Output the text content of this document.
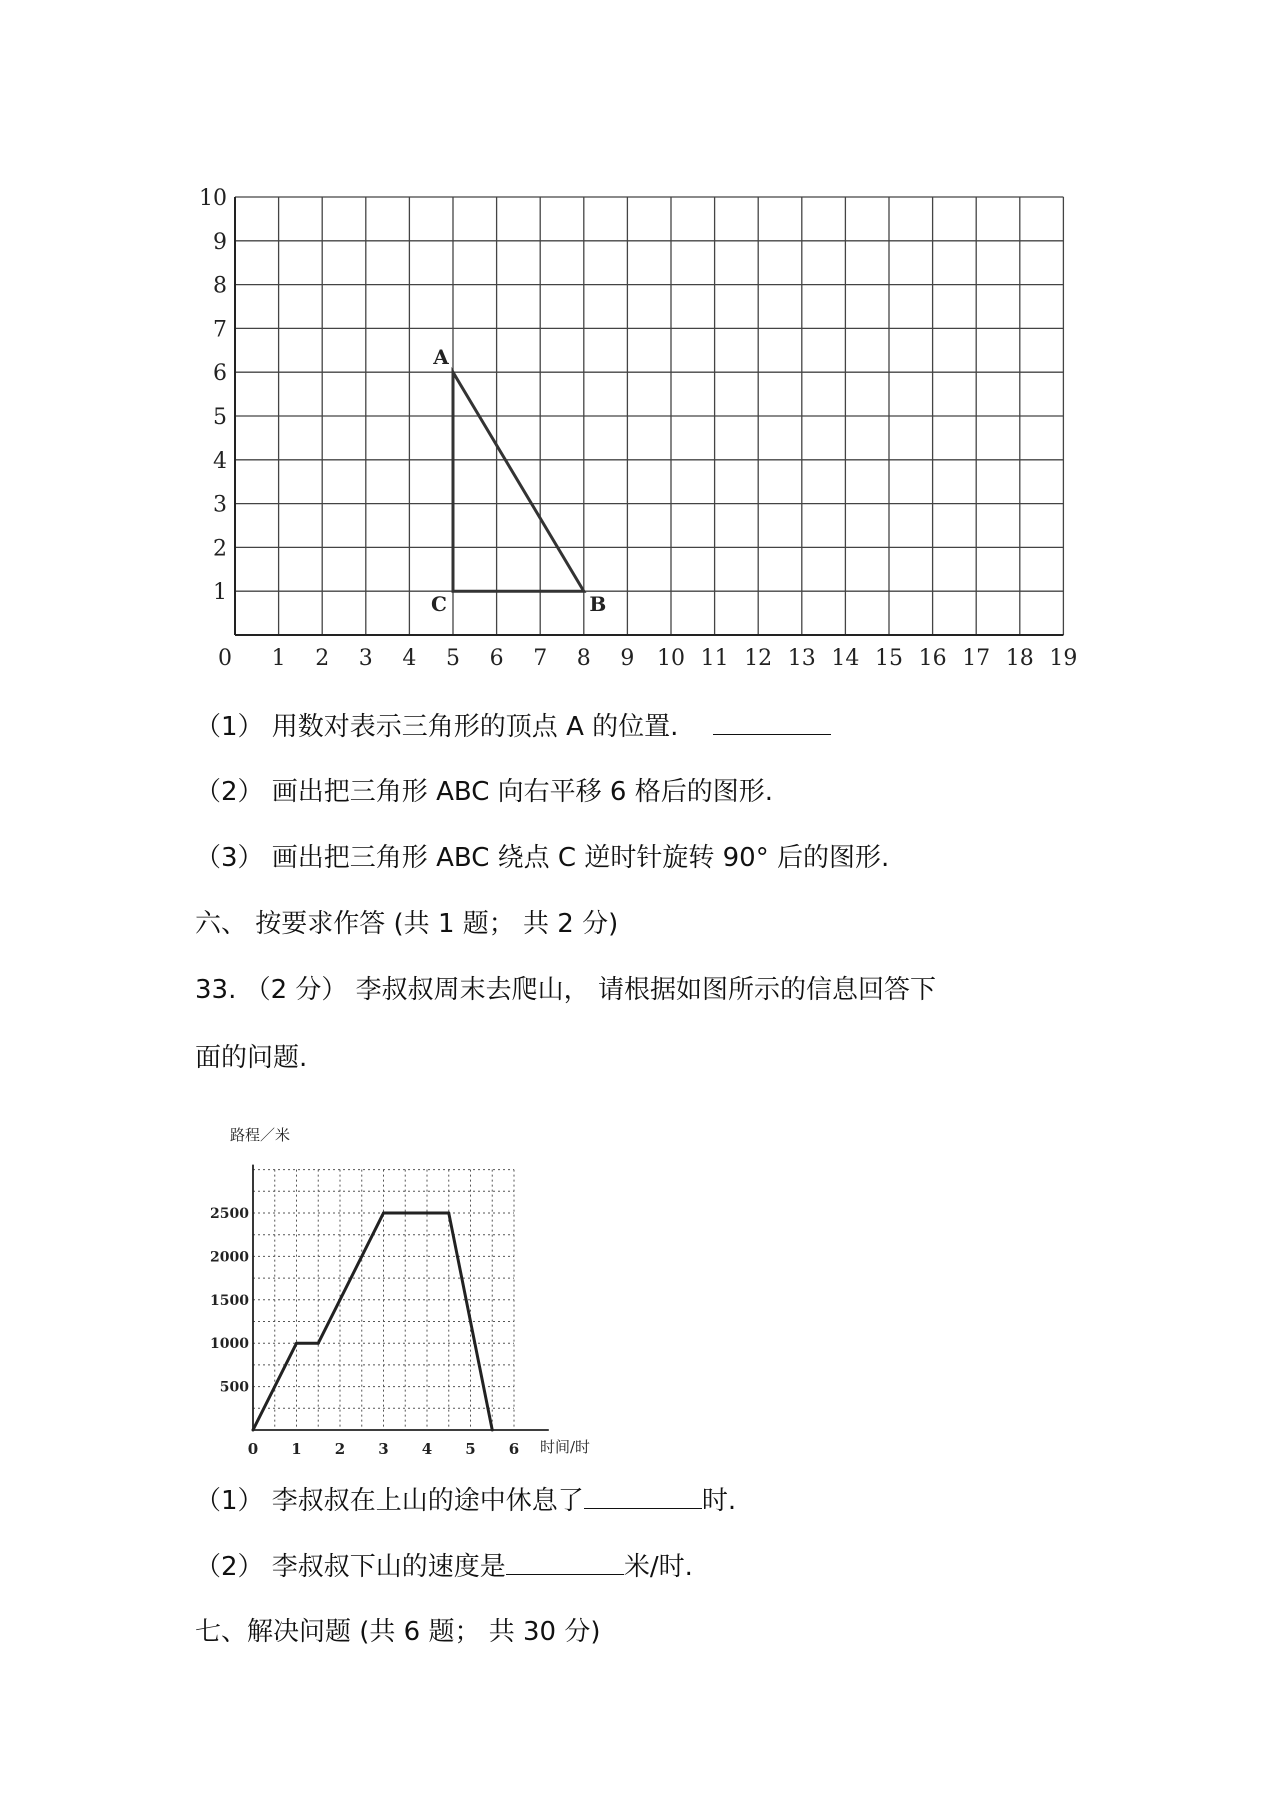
0 1 2 3 4 5 6 7 8 9 10 11 12 13 14 15 16 17 18 19
1
2
3
4
5
6
7
8
9
10
A
B
C
（1） 用数对表示三角形的顶点 A 的位置.
（2） 画出把三角形 ABC 向右平移 6 格后的图形.
（3） 画出把三角形 ABC 绕点 C 逆时针旋转 90° 后的图形.
六、 按要求作答 (共 1 题； 共 2 分)
33. （2 分） 李叔叔周末去爬山， 请根据如图所示的信息回答下
面的问题.
路程／米
0 1 2 3 4 5 6
500
1000
1500
2000
2500
时间/时
（1） 李叔叔在上山的途中休息了	时.
（2） 李叔叔下山的速度是	米/时.
七、解决问题 (共 6 题； 共 30 分)
